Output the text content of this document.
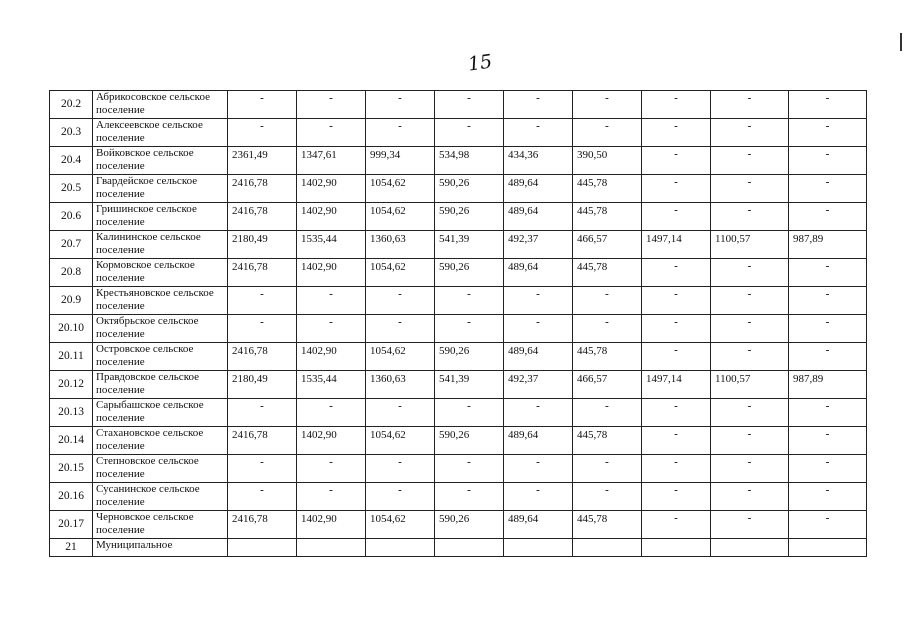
15
20.2	Абрикосовское сельское поселение	-	-	-	-	-	-	-	-	-
20.3	Алексеевское сельское поселение	-	-	-	-	-	-	-	-	-
20.4	Войковское сельское поселение	2361,49	1347,61	999,34	534,98	434,36	390,50	-	-	-
20.5	Гвардейское сельское поселение	2416,78	1402,90	1054,62	590,26	489,64	445,78	-	-	-
20.6	Гришинское сельское поселение	2416,78	1402,90	1054,62	590,26	489,64	445,78	-	-	-
20.7	Калининское сельское поселение	2180,49	1535,44	1360,63	541,39	492,37	466,57	1497,14	1100,57	987,89
20.8	Кормовское сельское поселение	2416,78	1402,90	1054,62	590,26	489,64	445,78	-	-	-
20.9	Крестьяновское сельское поселение	-	-	-	-	-	-	-	-	-
20.10	Октябрьское сельское поселение	-	-	-	-	-	-	-	-	-
20.11	Островское сельское поселение	2416,78	1402,90	1054,62	590,26	489,64	445,78	-	-	-
20.12	Правдовское сельское поселение	2180,49	1535,44	1360,63	541,39	492,37	466,57	1497,14	1100,57	987,89
20.13	Сарыбашское сельское поселение	-	-	-	-	-	-	-	-	-
20.14	Стахановское сельское поселение	2416,78	1402,90	1054,62	590,26	489,64	445,78	-	-	-
20.15	Степновское сельское поселение	-	-	-	-	-	-	-	-	-
20.16	Сусанинское сельское поселение	-	-	-	-	-	-	-	-	-
20.17	Черновское сельское поселение	2416,78	1402,90	1054,62	590,26	489,64	445,78	-	-	-
21	Муниципальное									
